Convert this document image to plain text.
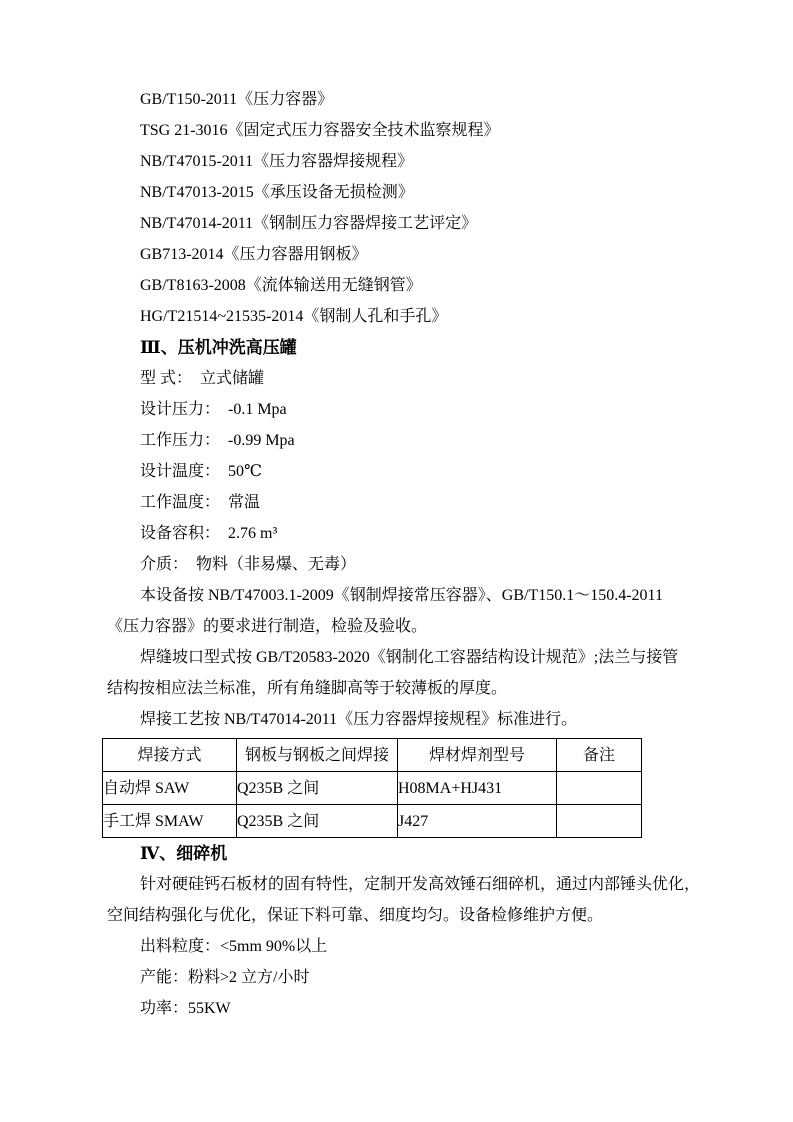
GB/T150-2011《压力容器》
TSG 21-3016《固定式压力容器安全技术监察规程》
NB/T47015-2011《压力容器焊接规程》
NB/T47013-2015《承压设备无损检测》
NB/T47014-2011《钢制压力容器焊接工艺评定》
GB713-2014《压力容器用钢板》
GB/T8163-2008《流体输送用无缝钢管》
HG/T21514~21535-2014《钢制人孔和手孔》
Ⅲ、压机冲洗高压罐
型 式：  立式储罐
设计压力：  -0.1 Mpa
工作压力：  -0.99 Mpa
设计温度：  50℃
工作温度：  常温
设备容积：  2.76 m³
介质：  物料（非易爆、无毒）
本设备按 NB/T47003.1-2009《钢制焊接常压容器》、GB/T150.1～150.4-2011
《压力容器》的要求进行制造，检验及验收。
焊缝坡口型式按 GB/T20583-2020《钢制化工容器结构设计规范》;法兰与接管
结构按相应法兰标准，所有角缝脚高等于较薄板的厚度。
焊接工艺按 NB/T47014-2011《压力容器焊接规程》标准进行。
焊接方式	钢板与钢板之间焊接	焊材焊剂型号	备注
自动焊 SAW	Q235B 之间	H08MA+HJ431	
手工焊 SMAW	Q235B 之间	J427	
Ⅳ、细碎机
针对硬硅钙石板材的固有特性，定制开发高效锤石细碎机，通过内部锤头优化，
空间结构强化与优化，保证下料可靠、细度均匀。设备检修维护方便。
出料粒度：<5mm 90%以上
产能：粉料>2 立方/小时
功率：55KW
